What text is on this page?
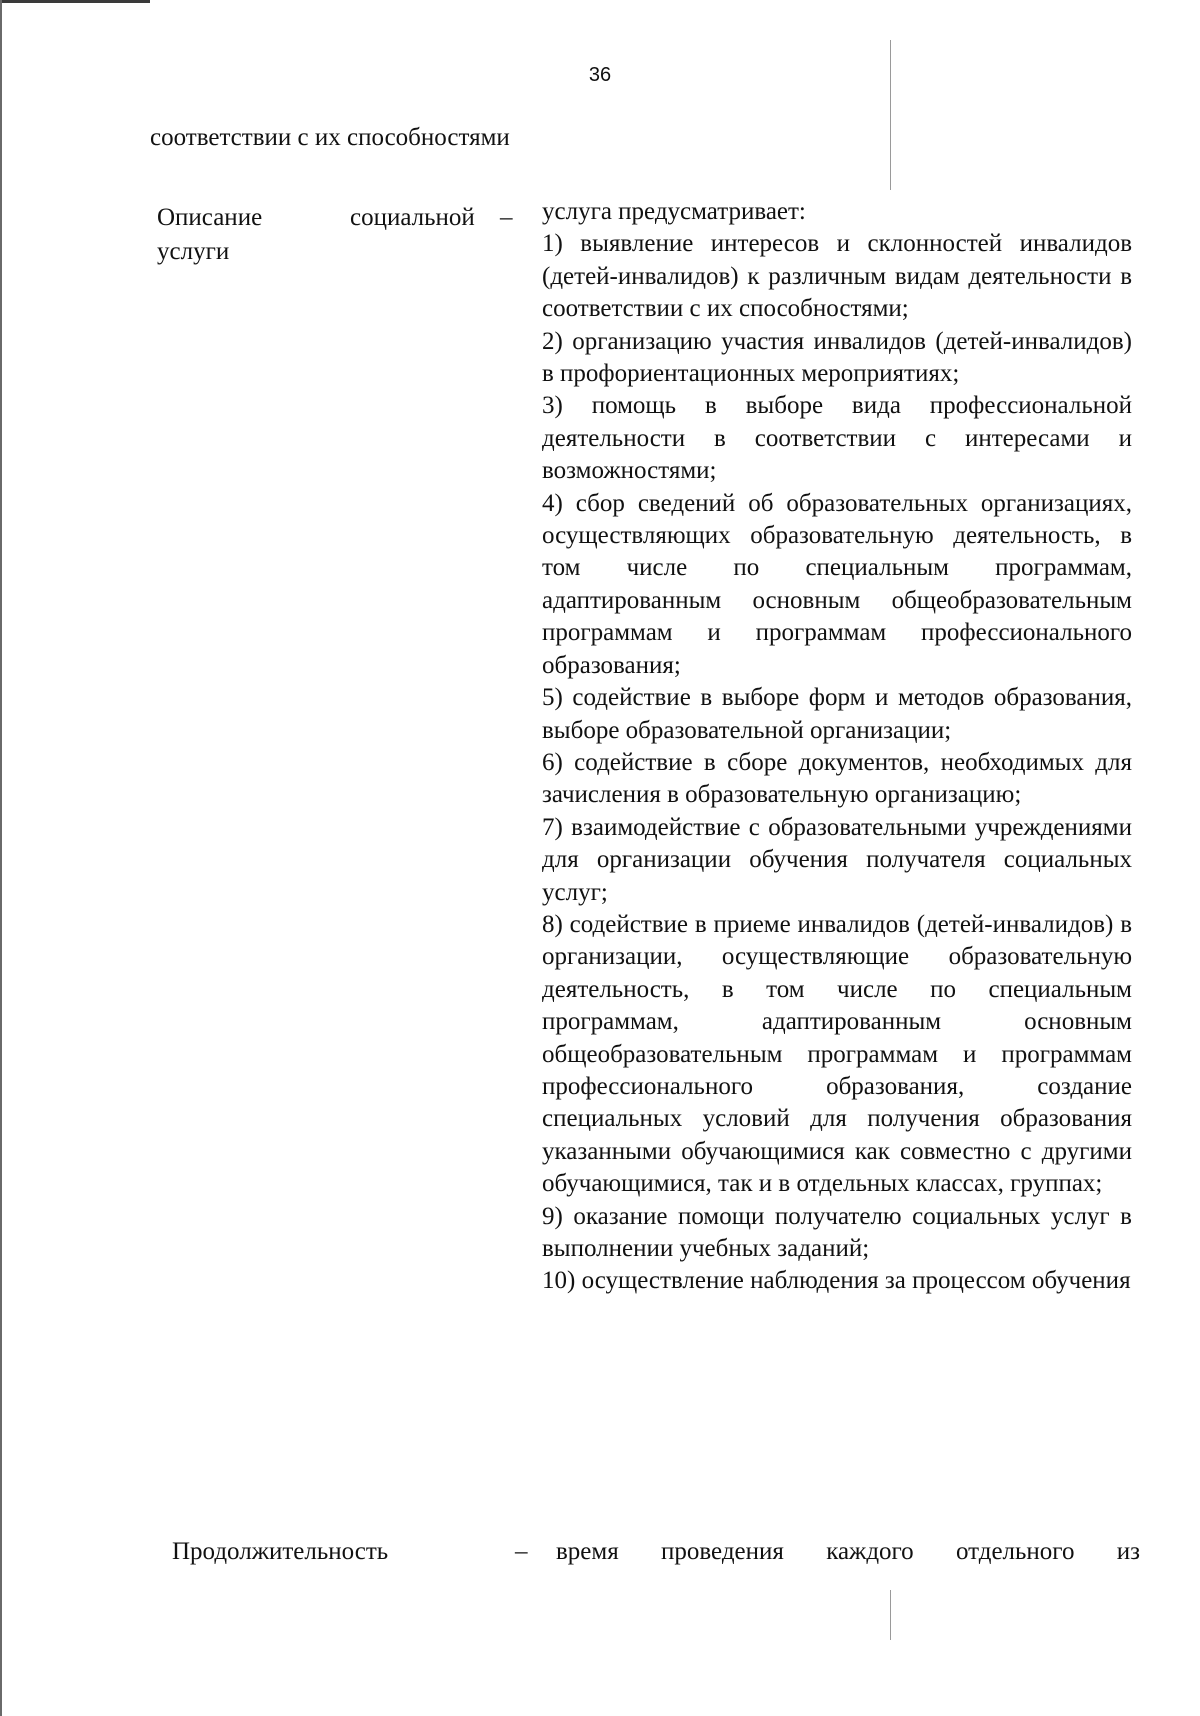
36
соответствии с их способностями
Описание	социальной
услуги
– услуга предусматривает:

1) выявление интересов и склонностей инвалидов (детей-инвалидов) к различным видам деятельности в соответствии с их способностями;

2) организацию участия инвалидов (детей-инвалидов) в профориентационных мероприятиях;

3) помощь в выборе вида профессиональной деятельности в соответствии с интересами и возможностями;

4) сбор сведений об образовательных организациях, осуществляющих образовательную деятельность, в том числе по специальным программам, адаптированным основным общеобразовательным программам и программам профессионального образования;

5) содействие в выборе форм и методов образования, выборе образовательной организации;

6) содействие в сборе документов, необходимых для зачисления в образовательную организацию;

7) взаимодействие с образовательными учреждениями для организации обучения получателя социальных услуг;

8) содействие в приеме инвалидов (детей-инвалидов) в организации, осуществляющие образовательную деятельность, в том числе по специальным программам, адаптированным основным общеобразовательным программам и программам профессионального образования, создание специальных условий для получения образования указанными обучающимися как совместно с другими обучающимися, так и в отдельных классах, группах;

9) оказание помощи получателю социальных услуг в выполнении учебных заданий;

10) осуществление наблюдения за процессом обучения

Продолжительность	– время проведения каждого отдельного из
